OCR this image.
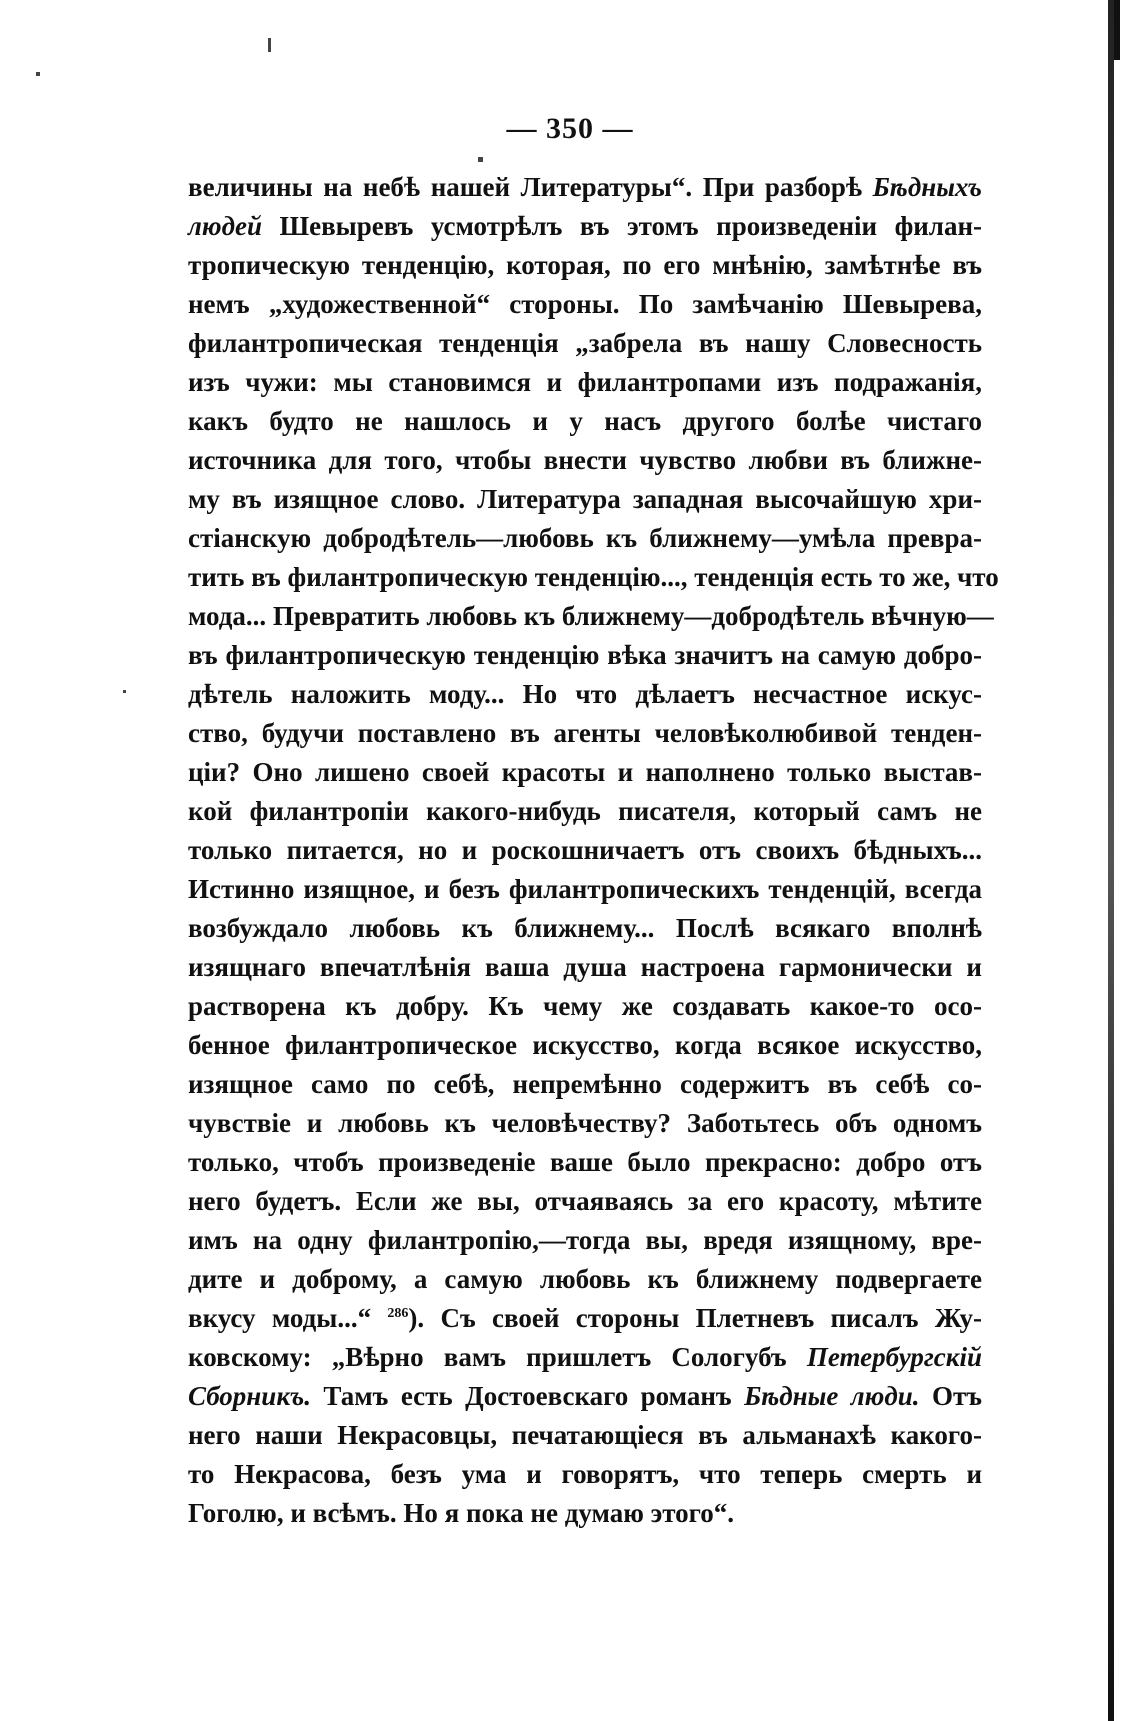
— 350 —
величины на небѣ нашей Литературы“. При разборѣ Бѣдныхъ
людей Шевыревъ усмотрѣлъ въ этомъ произведенiи филан-
тропическую тенденцiю, которая, по его мнѣнiю, замѣтнѣе въ
немъ „художественной“ стороны. По замѣчанiю Шевырева,
филантропическая тенденцiя „забрела въ нашу Словесность
изъ чужи: мы становимся и филантропами изъ подражанiя,
какъ будто не нашлось и у насъ другого болѣе чистаго
источника для того, чтобы внести чувство любви въ ближне-
му въ изящное слово. Литература западная высочайшую хри-
стiанскую добродѣтель—любовь къ ближнему—умѣла превра-
тить въ филантропическую тенденцiю..., тенденцiя есть то же, что
мода... Превратить любовь къ ближнему—добродѣтель вѣчную—
въ филантропическую тенденцiю вѣка значитъ на самую добро-
дѣтель наложить моду... Но что дѣлаетъ несчастное искус-
ство, будучи поставлено въ агенты человѣколюбивой тенден-
цiи? Оно лишено своей красоты и наполнено только выстав-
кой филантропiи какого-нибудь писателя, который самъ не
только питается, но и роскошничаетъ отъ своихъ бѣдныхъ...
Истинно изящное, и безъ филантропическихъ тенденцiй, всегда
возбуждало любовь къ ближнему... Послѣ всякаго вполнѣ
изящнаго впечатлѣнiя ваша душа настроена гармонически и
растворена къ добру. Къ чему же создавать какое-то осо-
бенное филантропическое искусство, когда всякое искусство,
изящное само по себѣ, непремѣнно содержитъ въ себѣ со-
чувствiе и любовь къ человѣчеству? Заботьтесь объ одномъ
только, чтобъ произведенiе ваше было прекрасно: добро отъ
него будетъ. Если же вы, отчаяваясь за его красоту, мѣтите
имъ на одну филантропiю,—тогда вы, вредя изящному, вре-
дите и доброму, а самую любовь къ ближнему подвергаете
вкусу моды...“ $^{286}$). Съ своей стороны Плетневъ писалъ Жу-
ковскому: „Вѣрно вамъ пришлетъ Сологубъ Петербургскiй
Сборникъ. Тамъ есть Достоевскаго романъ Бѣдные люди. Отъ
него наши Некрасовцы, печатающiеся въ альманахѣ какого-
то Некрасова, безъ ума и говорятъ, что теперь смерть и
Гоголю, и всѣмъ. Но я пока не думаю этого“.
